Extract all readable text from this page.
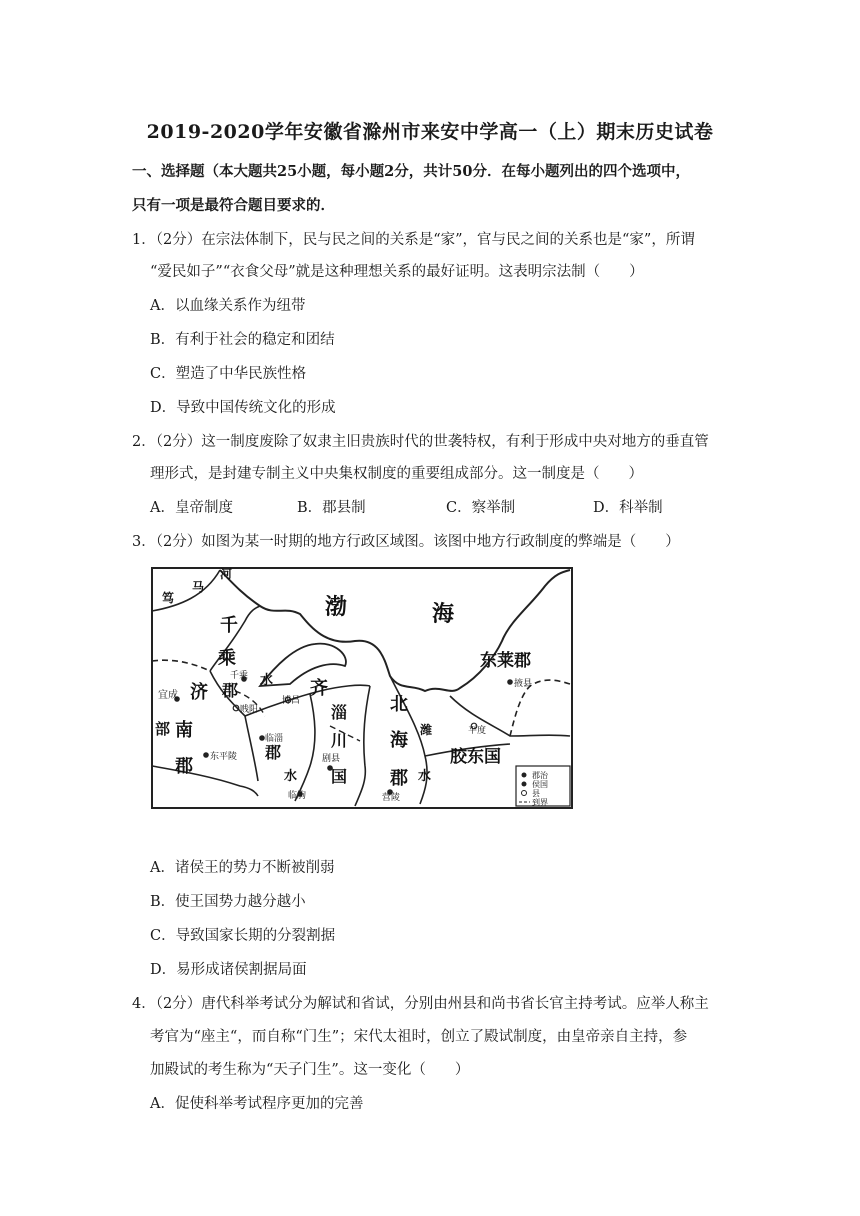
2019-2020学年安徽省滁州市来安中学高一（上）期末历史试卷
一、选择题（本大题共25小题，每小题2分，共计50分．在每小题列出的四个选项中，
只有一项是最符合题目要求的．
1．（2分）在宗法体制下，民与民之间的关系是“家”，官与民之间的关系也是“家”，所谓
“爱民如子”“衣食父母”就是这种理想关系的最好证明。这表明宗法制（　　）
A．以血缘关系作为纽带
B．有利于社会的稳定和团结
C．塑造了中华民族性格
D．导致中国传统文化的形成
2．（2分）这一制度废除了奴隶主旧贵族时代的世袭特权，有利于形成中央对地方的垂直管
理形式，是封建专制主义中央集权制度的重要组成部分。这一制度是（　　）
A．皇帝制度	B．郡县制	C．察举制	D．科举制
3．（2分）如图为某一时期的地方行政区域图。该图中地方行政制度的弊端是（　　）
渤	海
马
河
笃
千
乘
千乘 水
郡
济
宜成
南
部
郡 东平陵
齐
博昌
贱阳
临淄
郡
水
淄
川
剧县
国
临朐
北
海
郡
潍
水
营陵
平度
胶东国
东莱郡
掖县
郡治
侯国
县
到界
A．诸侯王的势力不断被削弱
B．使王国势力越分越小
C．导致国家长期的分裂割据
D．易形成诸侯割据局面
4．（2分）唐代科举考试分为解试和省试，分别由州县和尚书省长官主持考试。应举人称主
考官为“座主“，而自称“门生”；宋代太祖时，创立了殿试制度，由皇帝亲自主持，参
加殿试的考生称为“天子门生”。这一变化（　　）
A．促使科举考试程序更加的完善
